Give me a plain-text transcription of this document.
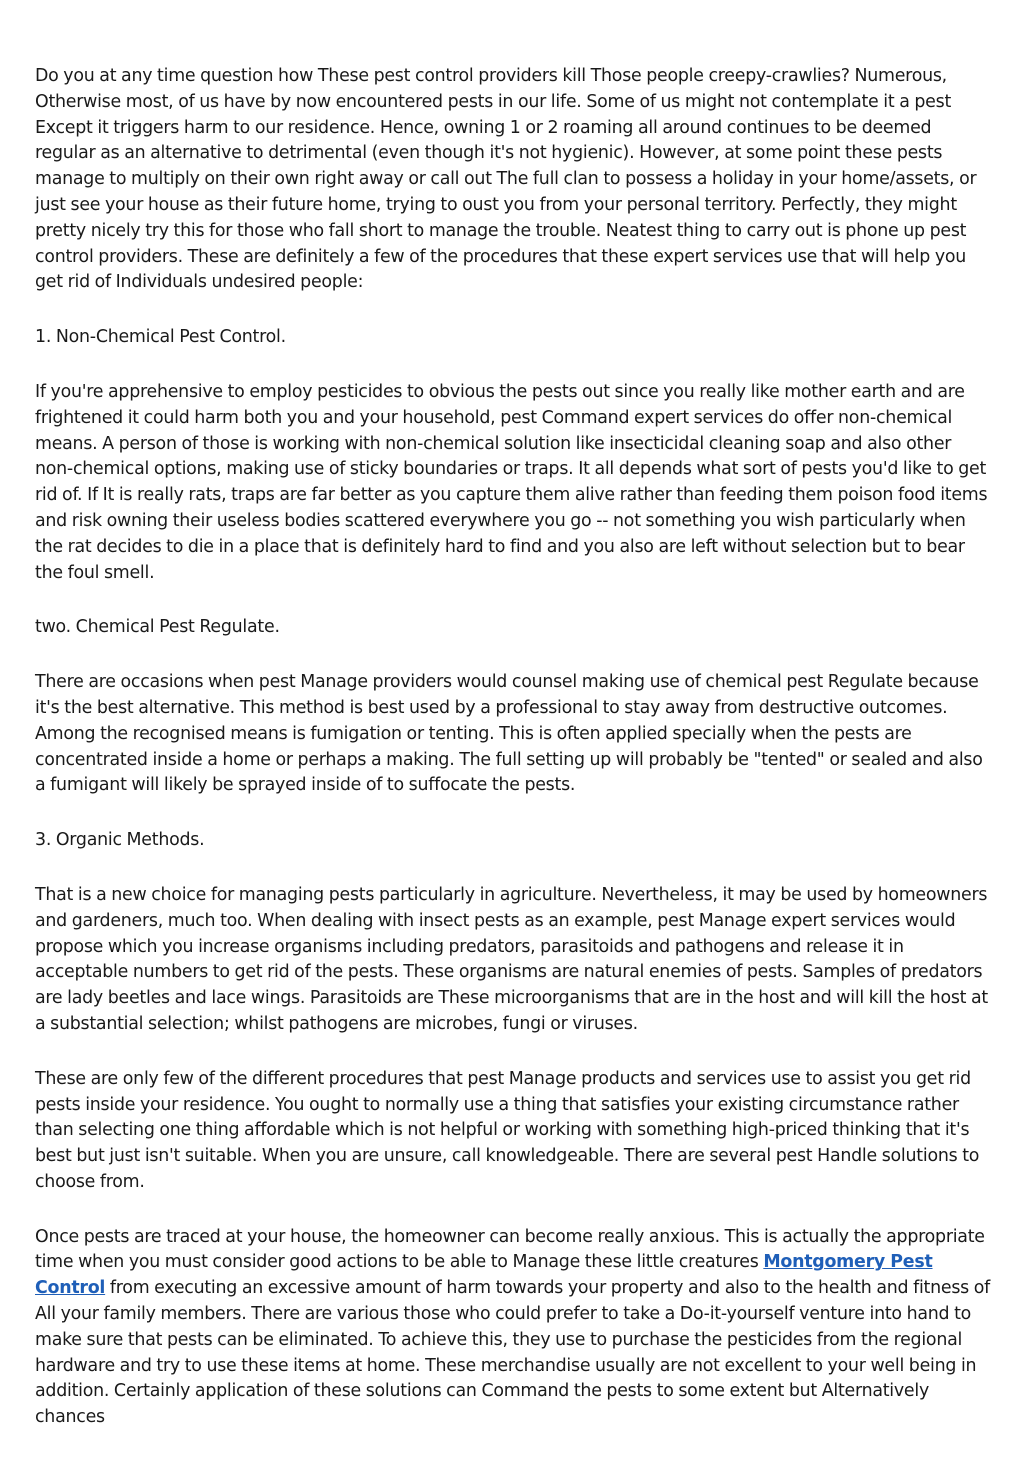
Do you at any time question how These pest control providers kill Those people creepy-crawlies? Numerous, Otherwise most, of us have by now encountered pests in our life. Some of us might not contemplate it a pest Except it triggers harm to our residence. Hence, owning 1 or 2 roaming all around continues to be deemed regular as an alternative to detrimental (even though it's not hygienic). However, at some point these pests manage to multiply on their own right away or call out The full clan to possess a holiday in your home/assets, or just see your house as their future home, trying to oust you from your personal territory. Perfectly, they might pretty nicely try this for those who fall short to manage the trouble. Neatest thing to carry out is phone up pest control providers. These are definitely a few of the procedures that these expert services use that will help you get rid of Individuals undesired people:

1. Non-Chemical Pest Control.

If you're apprehensive to employ pesticides to obvious the pests out since you really like mother earth and are frightened it could harm both you and your household, pest Command expert services do offer non-chemical means. A person of those is working with non-chemical solution like insecticidal cleaning soap and also other non-chemical options, making use of sticky boundaries or traps. It all depends what sort of pests you'd like to get rid of. If It is really rats, traps are far better as you capture them alive rather than feeding them poison food items and risk owning their useless bodies scattered everywhere you go -- not something you wish particularly when the rat decides to die in a place that is definitely hard to find and you also are left without selection but to bear the foul smell.

two. Chemical Pest Regulate.

There are occasions when pest Manage providers would counsel making use of chemical pest Regulate because it's the best alternative. This method is best used by a professional to stay away from destructive outcomes. Among the recognised means is fumigation or tenting. This is often applied specially when the pests are concentrated inside a home or perhaps a making. The full setting up will probably be "tented" or sealed and also a fumigant will likely be sprayed inside of to suffocate the pests.

3. Organic Methods.

That is a new choice for managing pests particularly in agriculture. Nevertheless, it may be used by homeowners and gardeners, much too. When dealing with insect pests as an example, pest Manage expert services would propose which you increase organisms including predators, parasitoids and pathogens and release it in acceptable numbers to get rid of the pests. These organisms are natural enemies of pests. Samples of predators are lady beetles and lace wings. Parasitoids are These microorganisms that are in the host and will kill the host at a substantial selection; whilst pathogens are microbes, fungi or viruses.

These are only few of the different procedures that pest Manage products and services use to assist you get rid pests inside your residence. You ought to normally use a thing that satisfies your existing circumstance rather than selecting one thing affordable which is not helpful or working with something high-priced thinking that it's best but just isn't suitable. When you are unsure, call knowledgeable. There are several pest Handle solutions to choose from.

Once pests are traced at your house, the homeowner can become really anxious. This is actually the appropriate time when you must consider good actions to be able to Manage these little creatures Montgomery Pest Control from executing an excessive amount of harm towards your property and also to the health and fitness of All your family members. There are various those who could prefer to take a Do-it-yourself venture into hand to make sure that pests can be eliminated. To achieve this, they use to purchase the pesticides from the regional hardware and try to use these items at home. These merchandise usually are not excellent to your well being in addition. Certainly application of these solutions can Command the pests to some extent but Alternatively chances
